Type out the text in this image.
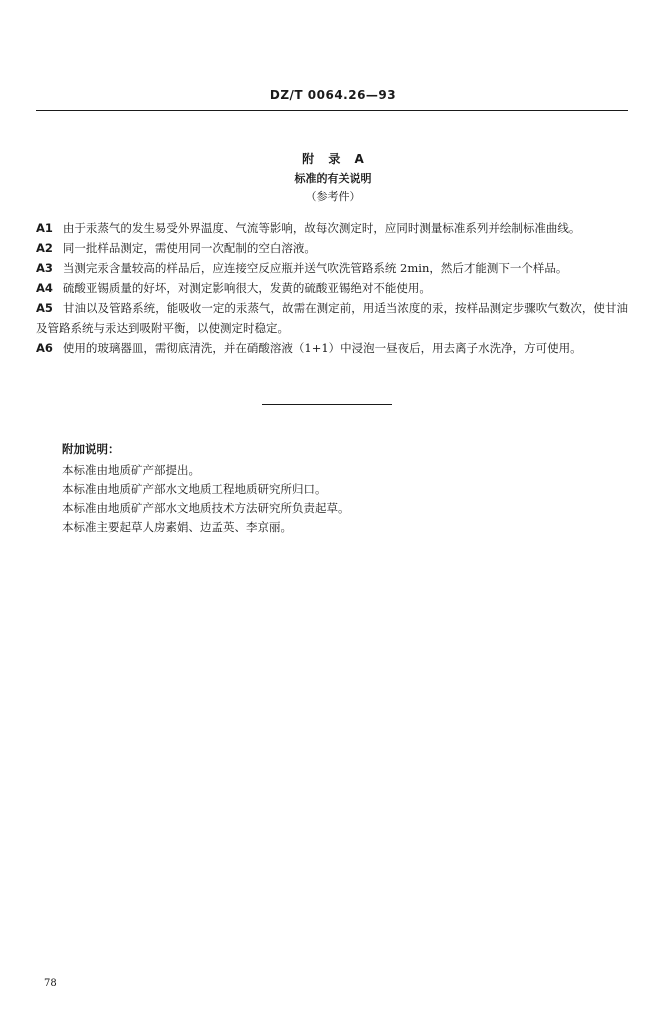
DZ/T 0064.26—93
附 录 A
标准的有关说明
（参考件）
A1 由于汞蒸气的发生易受外界温度、气流等影响，故每次测定时，应同时测量标准系列并绘制标准曲线。
A2 同一批样品测定，需使用同一次配制的空白溶液。
A3 当测完汞含量较高的样品后，应连接空反应瓶并送气吹洗管路系统 2min，然后才能测下一个样品。
A4 硫酸亚锡质量的好坏，对测定影响很大，发黄的硫酸亚锡绝对不能使用。
A5 甘油以及管路系统，能吸收一定的汞蒸气，故需在测定前，用适当浓度的汞，按样品测定步骤吹气数次，使甘油及管路系统与汞达到吸附平衡，以使测定时稳定。
A6 使用的玻璃器皿，需彻底清洗，并在硝酸溶液（1+1）中浸泡一昼夜后，用去离子水洗净，方可使用。
附加说明：
本标准由地质矿产部提出。
本标准由地质矿产部水文地质工程地质研究所归口。
本标准由地质矿产部水文地质技术方法研究所负责起草。
本标准主要起草人房素娟、边孟英、李京丽。
78
